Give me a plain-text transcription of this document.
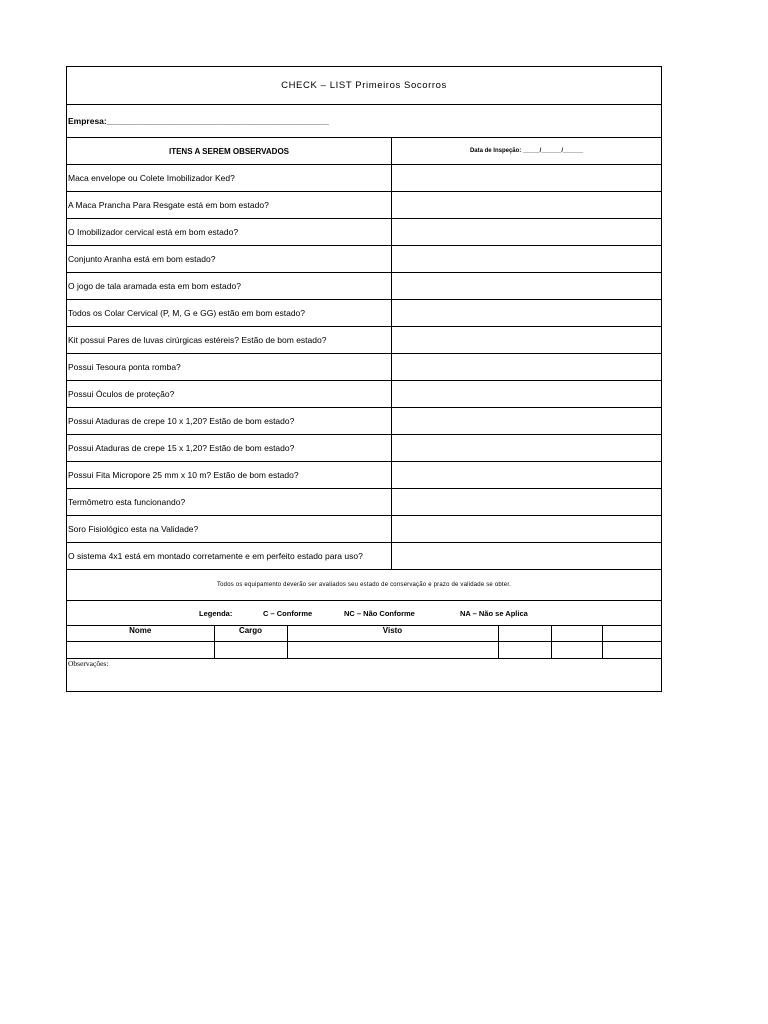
CHECK – LIST Primeiros Socorros
Empresa:_______________________________________________
ITENS A SEREM OBSERVADOS	Data de Inspeção: _____/______/______
Maca envelope ou Colete Imobilizador Ked?
A Maca Prancha Para Resgate está em bom estado?
O Imobilizador cervical está em bom estado?
Conjunto Aranha está em bom estado?
O jogo de tala aramada esta em bom estado?
Todos os Colar Cervical (P, M, G e GG) estão em bom estado?
Kit possui Pares de luvas cirúrgicas estéreis? Estão de bom estado?
Possui Tesoura ponta romba?
Possui Óculos de proteção?
Possui Ataduras de crepe 10 x 1,20? Estão de bom estado?
Possui Ataduras de crepe 15 x 1,20? Estão de bom estado?
Possui Fita Micropore 25 mm x 10 m? Estão de bom estado?
Termômetro esta funcionando?
Soro Fisiológico esta na Validade?
O sistema 4x1 está em montado corretamente e em perfeito estado para uso?
Todos os equipamento deverão ser avaliados seu estado de conservação e prazo de validade se obter.
Legenda:	C – Conforme	NC – Não Conforme	NA – Não se Aplica
Nome	Cargo	Visto			

Observações:
